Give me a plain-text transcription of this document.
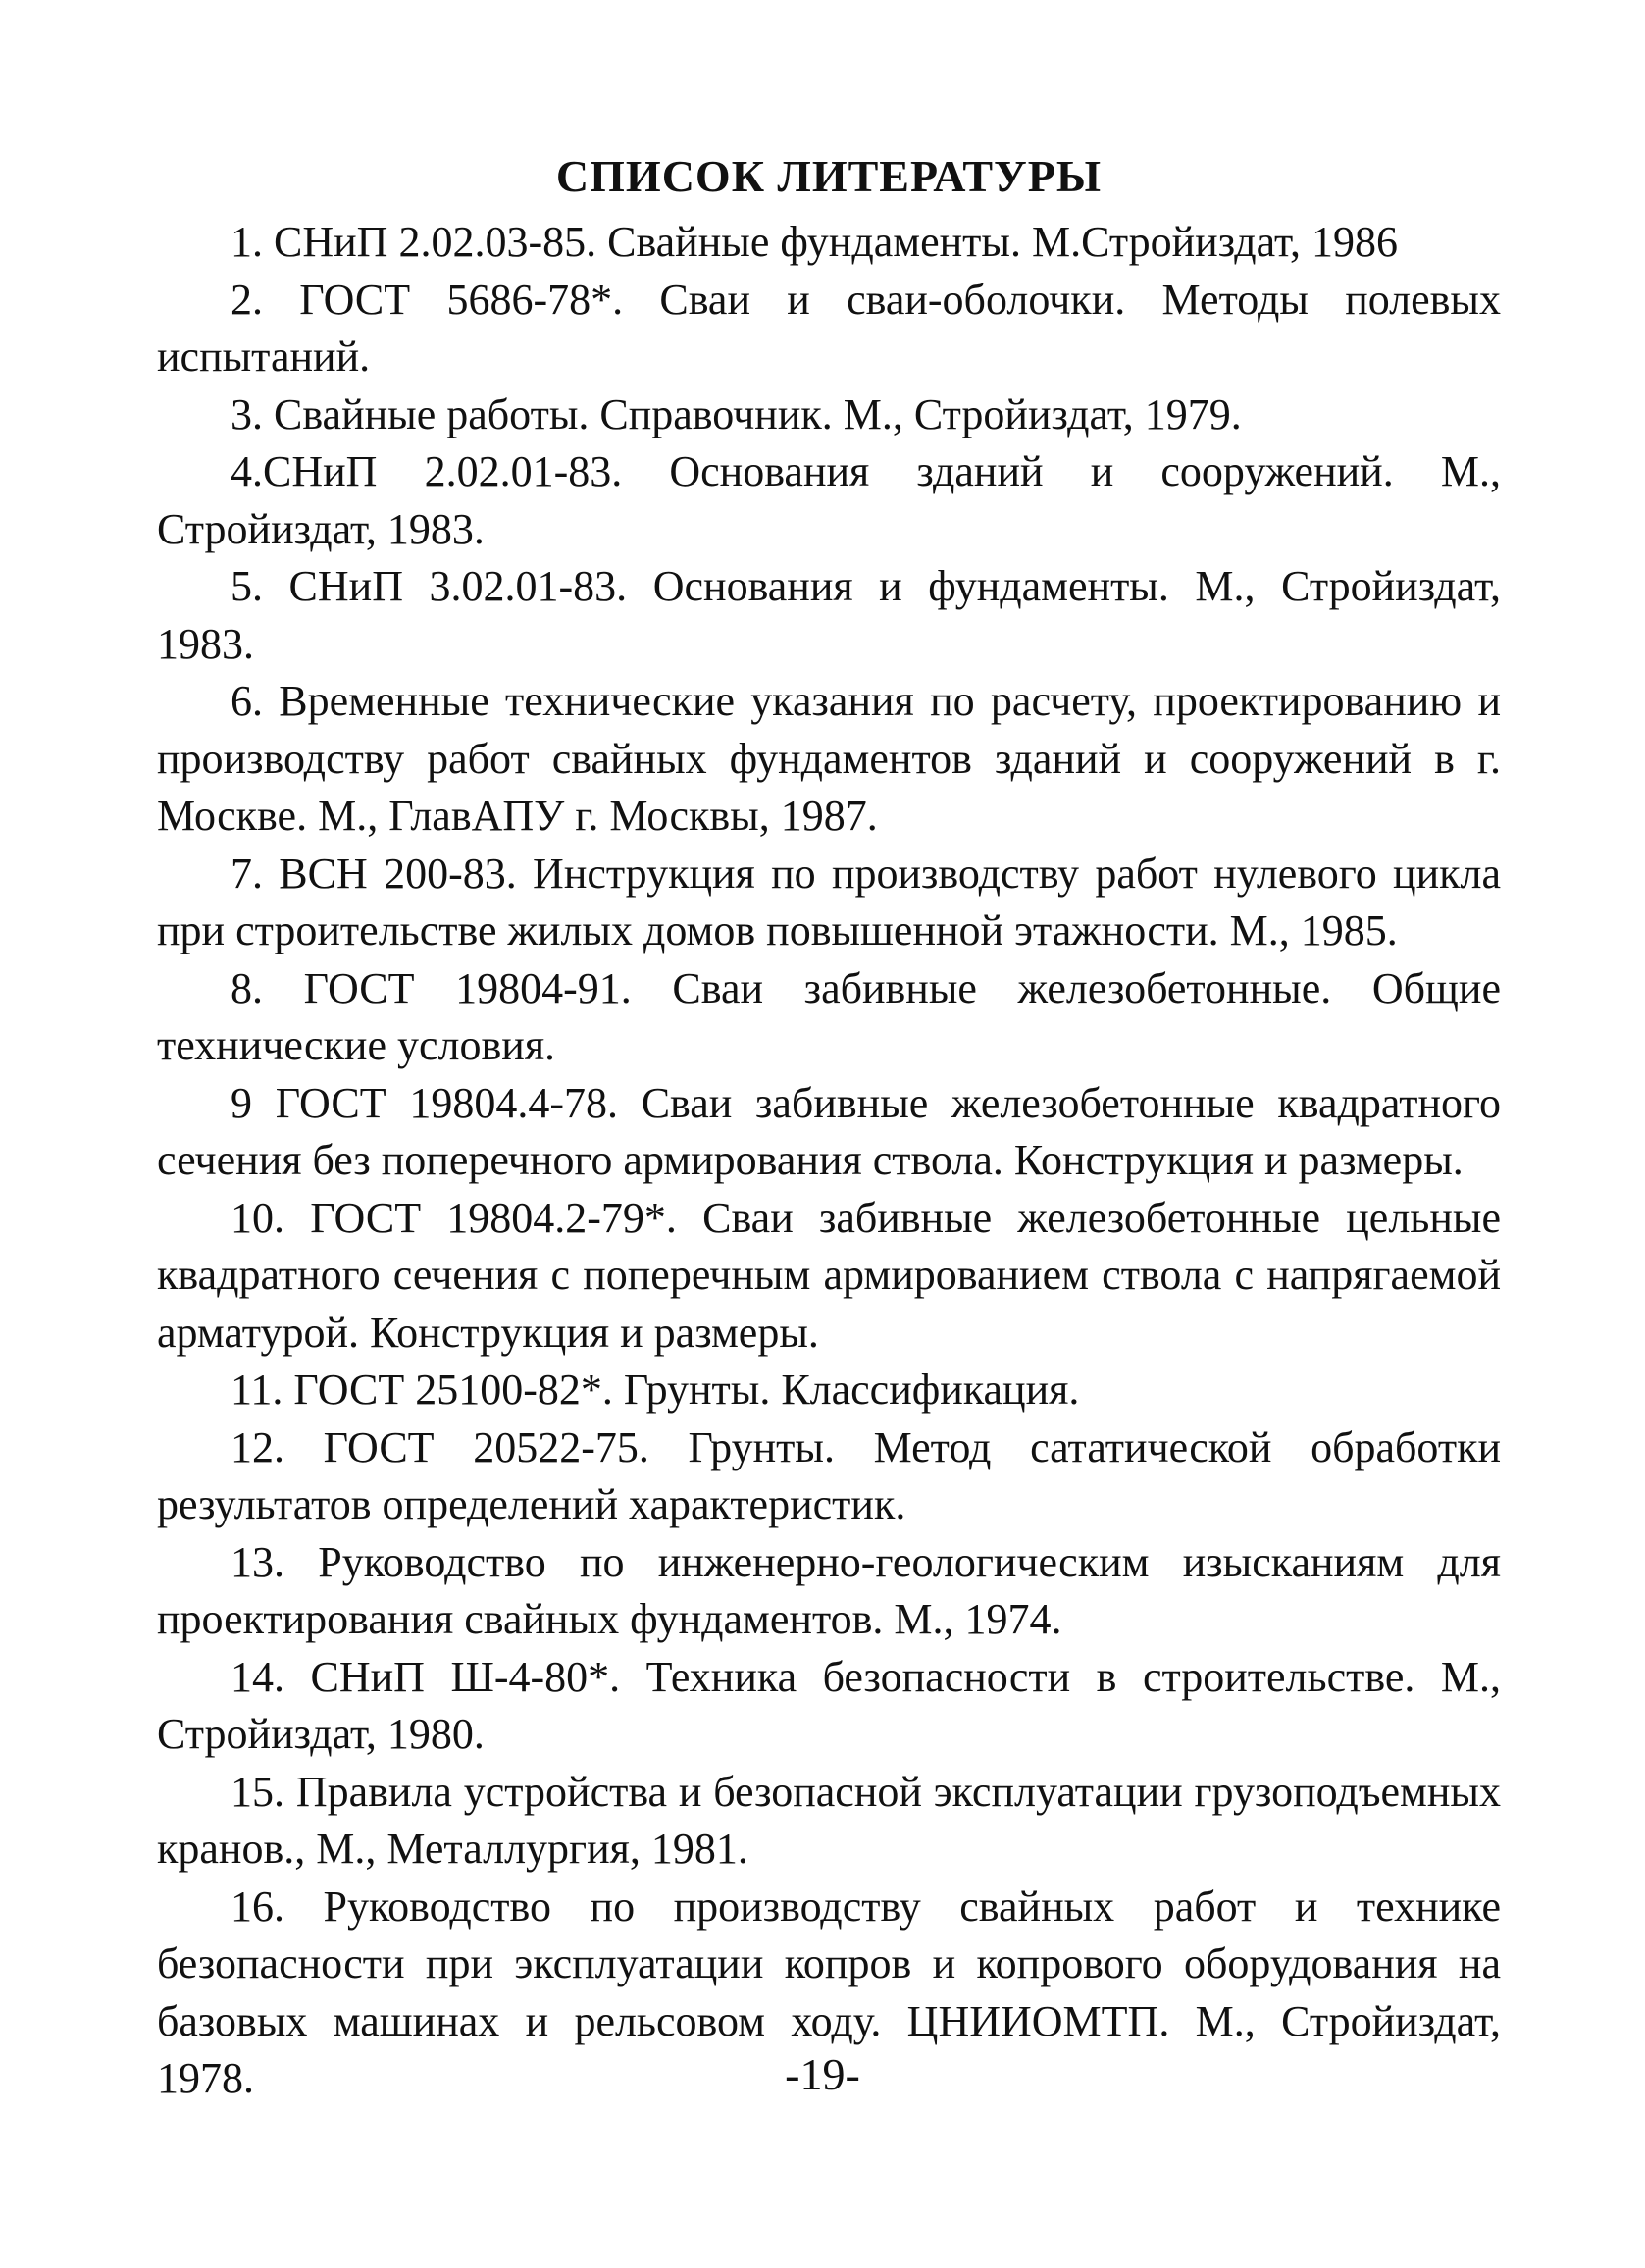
СПИСОК ЛИТЕРАТУРЫ

1. СНиП 2.02.03-85. Свайные фундаменты. М.Стройиздат, 1986

2. ГОСТ 5686-78*. Сваи и сваи-оболочки. Методы полевых испытаний.

3. Свайные работы. Справочник. М., Стройиздат, 1979.

4.СНиП 2.02.01-83. Основания зданий и сооружений. М., Стройиздат, 1983.

5. СНиП 3.02.01-83. Основания и фундаменты. М., Стройиздат, 1983.

6. Временные технические указания по расчету, проектированию и производству работ свайных фундаментов зданий и сооружений в г. Москве. М., ГлавАПУ г. Москвы, 1987.

7. ВСН 200-83. Инструкция по производству работ нулевого цикла при строительстве жилых домов повышенной этажности. М., 1985.

8. ГОСТ 19804-91. Сваи забивные железобетонные. Общие технические условия.

9 ГОСТ 19804.4-78. Сваи забивные железобетонные квадратного сечения без поперечного армирования ствола. Конструкция и размеры.

10. ГОСТ 19804.2-79*. Сваи забивные железобетонные цельные квадратного сечения с поперечным армированием ствола с напрягаемой арматурой. Конструкция и размеры.

11. ГОСТ 25100-82*. Грунты. Классификация.

12. ГОСТ 20522-75. Грунты. Метод сататической обработки результатов определений характеристик.

13. Руководство по инженерно-геологическим изысканиям для проектирования свайных фундаментов. М., 1974.

14. СНиП Ш-4-80*. Техника безопасности в строительстве. М., Стройиздат, 1980.

15. Правила устройства и безопасной эксплуатации грузоподъемных кранов., М., Металлургия, 1981.

16. Руководство по производству свайных работ и технике безопасности при эксплуатации копров и копрового оборудования на базовых машинах и рельсовом ходу. ЦНИИОМТП. М., Стройиздат, 1978.	-19-
